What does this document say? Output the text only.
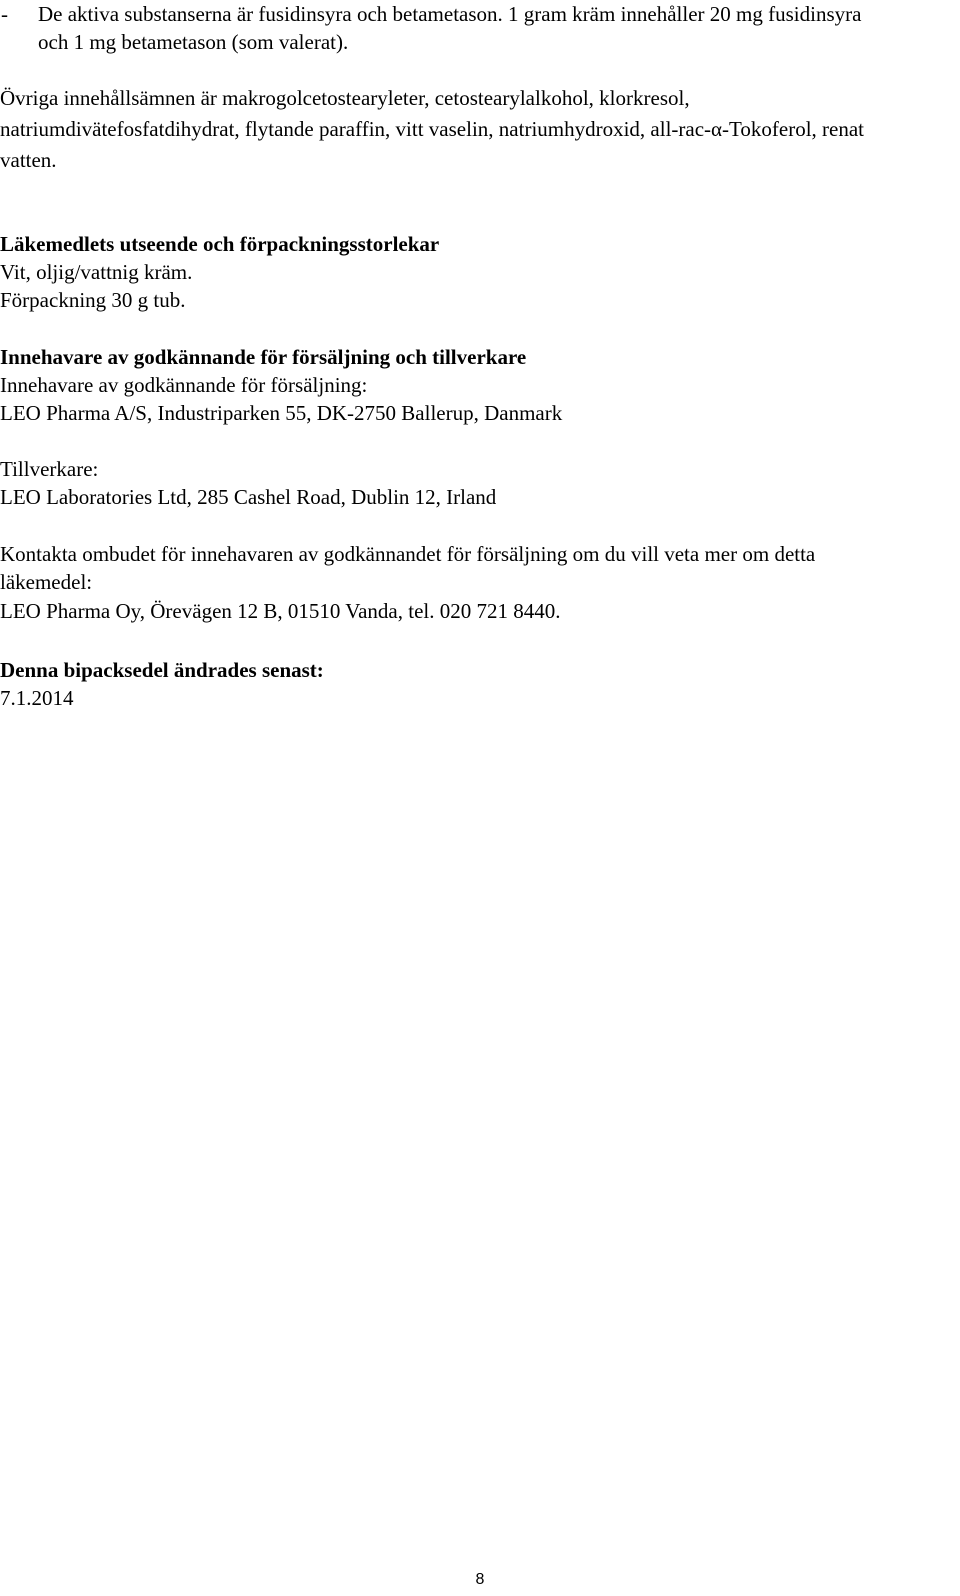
- De aktiva substanserna är fusidinsyra och betametason. 1 gram kräm innehåller 20 mg fusidinsyra
och 1 mg betametason (som valerat).
Övriga innehållsämnen är makrogolcetostearyleter, cetostearylalkohol, klorkresol,
natriumdivätefosfatdihydrat, flytande paraffin, vitt vaselin, natriumhydroxid, all-rac-α-Tokoferol, renat
vatten.
Läkemedlets utseende och förpackningsstorlekar
Vit, oljig/vattnig kräm.
Förpackning 30 g tub.
Innehavare av godkännande för försäljning och tillverkare
Innehavare av godkännande för försäljning:
LEO Pharma A/S, Industriparken 55, DK-2750 Ballerup, Danmark
Tillverkare:
LEO Laboratories Ltd, 285 Cashel Road, Dublin 12, Irland
Kontakta ombudet för innehavaren av godkännandet för försäljning om du vill veta mer om detta
läkemedel:
LEO Pharma Oy, Örevägen 12 B, 01510 Vanda, tel. 020 721 8440.
Denna bipacksedel ändrades senast:
7.1.2014
8
